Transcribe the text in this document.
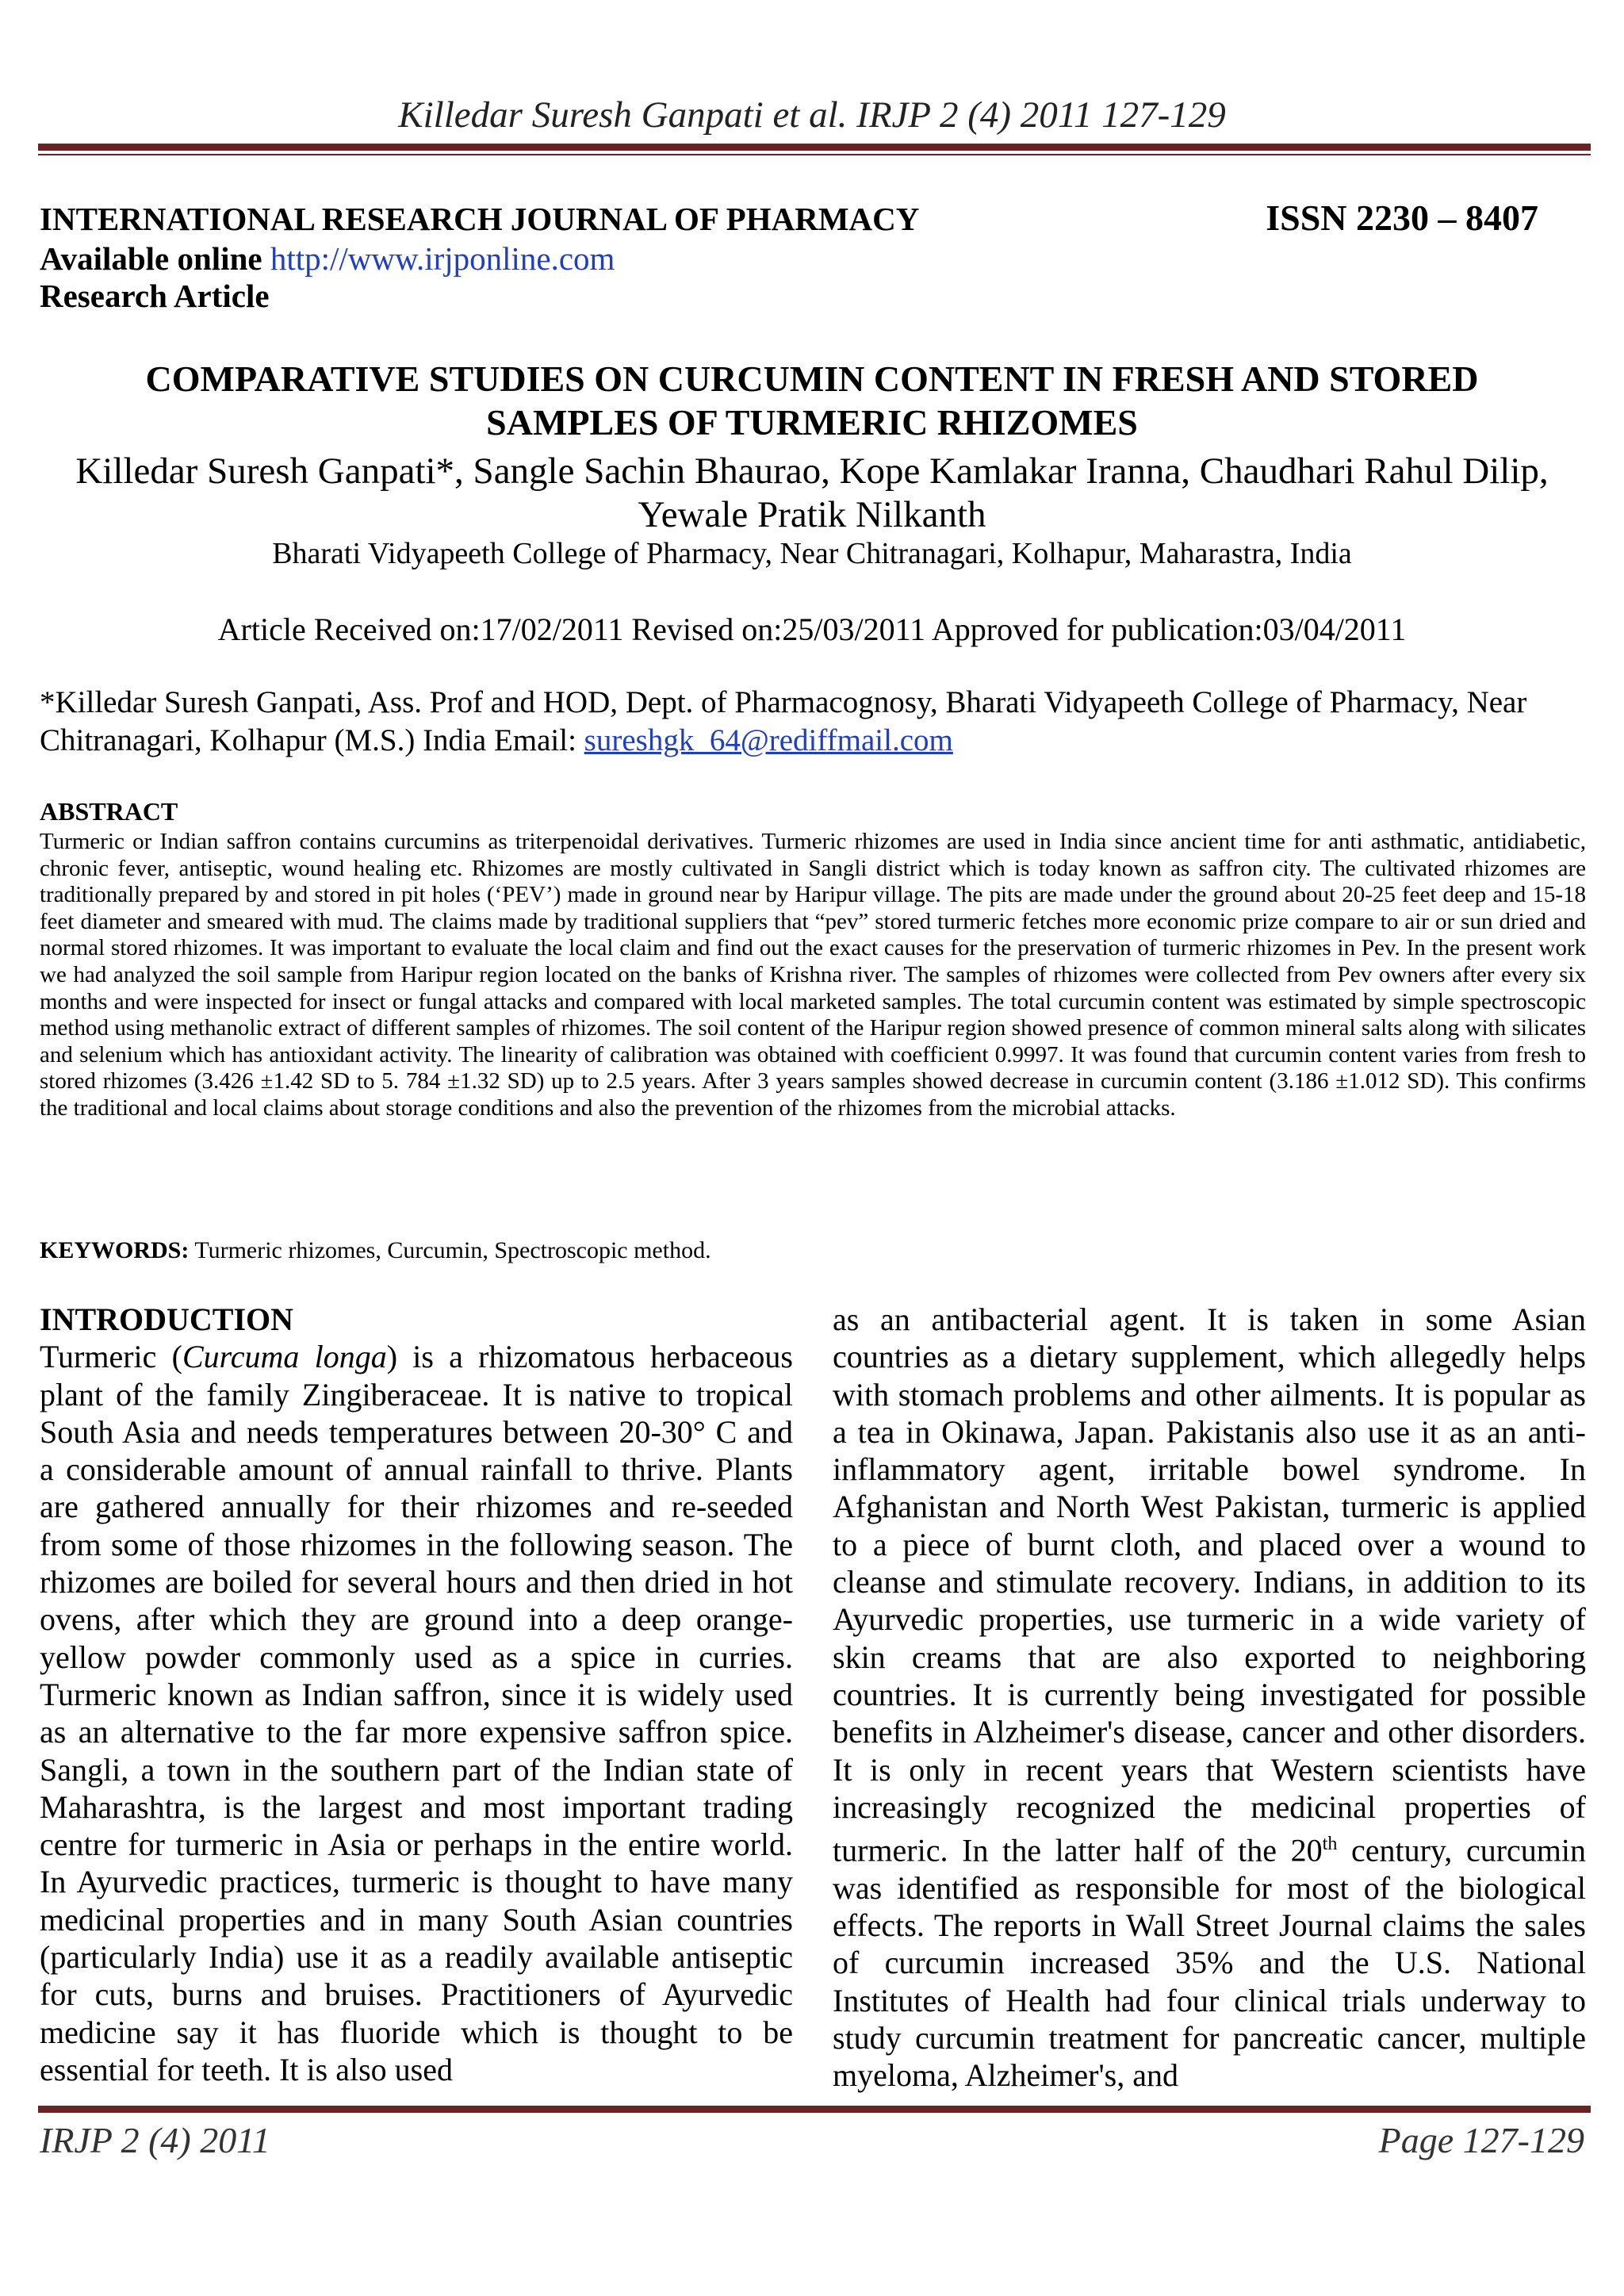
Killedar Suresh Ganpati et al. IRJP 2 (4) 2011 127-129
INTERNATIONAL RESEARCH JOURNAL OF PHARMACY	ISSN 2230 – 8407
Available online http://www.irjponline.com
Research Article
COMPARATIVE STUDIES ON CURCUMIN CONTENT IN FRESH AND STORED SAMPLES OF TURMERIC RHIZOMES
Killedar Suresh Ganpati*, Sangle Sachin Bhaurao, Kope Kamlakar Iranna, Chaudhari Rahul Dilip, Yewale Pratik Nilkanth
Bharati Vidyapeeth College of Pharmacy, Near Chitranagari, Kolhapur, Maharastra, India
Article Received on:17/02/2011 Revised on:25/03/2011 Approved for publication:03/04/2011
*Killedar Suresh Ganpati, Ass. Prof and HOD, Dept. of Pharmacognosy, Bharati Vidyapeeth College of Pharmacy, Near Chitranagari, Kolhapur (M.S.) India Email: sureshgk_64@rediffmail.com
ABSTRACT
Turmeric or Indian saffron contains curcumins as triterpenoidal derivatives. Turmeric rhizomes are used in India since ancient time for anti asthmatic, antidiabetic, chronic fever, antiseptic, wound healing etc. Rhizomes are mostly cultivated in Sangli district which is today known as saffron city. The cultivated rhizomes are traditionally prepared by and stored in pit holes (‘PEV’) made in ground near by Haripur village. The pits are made under the ground about 20-25 feet deep and 15-18 feet diameter and smeared with mud. The claims made by traditional suppliers that “pev” stored turmeric fetches more economic prize compare to air or sun dried and normal stored rhizomes. It was important to evaluate the local claim and find out the exact causes for the preservation of turmeric rhizomes in Pev. In the present work we had analyzed the soil sample from Haripur region located on the banks of Krishna river. The samples of rhizomes were collected from Pev owners after every six months and were inspected for insect or fungal attacks and compared with local marketed samples. The total curcumin content was estimated by simple spectroscopic method using methanolic extract of different samples of rhizomes. The soil content of the Haripur region showed presence of common mineral salts along with silicates and selenium which has antioxidant activity. The linearity of calibration was obtained with coefficient 0.9997. It was found that curcumin content varies from fresh to stored rhizomes (3.426 ±1.42 SD to 5. 784 ±1.32 SD) up to 2.5 years. After 3 years samples showed decrease in curcumin content (3.186 ±1.012 SD). This confirms the traditional and local claims about storage conditions and also the prevention of the rhizomes from the microbial attacks.
KEYWORDS: Turmeric rhizomes, Curcumin, Spectroscopic method.
INTRODUCTION
Turmeric (Curcuma longa) is a rhizomatous herbaceous plant of the family Zingiberaceae. It is native to tropical South Asia and needs temperatures between 20-30° C and a considerable amount of annual rainfall to thrive. Plants are gathered annually for their rhizomes and re-seeded from some of those rhizomes in the following season. The rhizomes are boiled for several hours and then dried in hot ovens, after which they are ground into a deep orange-yellow powder commonly used as a spice in curries. Turmeric known as Indian saffron, since it is widely used as an alternative to the far more expensive saffron spice. Sangli, a town in the southern part of the Indian state of Maharashtra, is the largest and most important trading centre for turmeric in Asia or perhaps in the entire world. In Ayurvedic practices, turmeric is thought to have many medicinal properties and in many South Asian countries (particularly India) use it as a readily available antiseptic for cuts, burns and bruises. Practitioners of Ayurvedic medicine say it has fluoride which is thought to be essential for teeth. It is also used
as an antibacterial agent. It is taken in some Asian countries as a dietary supplement, which allegedly helps with stomach problems and other ailments. It is popular as a tea in Okinawa, Japan. Pakistanis also use it as an anti-inflammatory agent, irritable bowel syndrome. In Afghanistan and North West Pakistan, turmeric is applied to a piece of burnt cloth, and placed over a wound to cleanse and stimulate recovery. Indians, in addition to its Ayurvedic properties, use turmeric in a wide variety of skin creams that are also exported to neighboring countries. It is currently being investigated for possible benefits in Alzheimer's disease, cancer and other disorders. It is only in recent years that Western scientists have increasingly recognized the medicinal properties of turmeric. In the latter half of the 20th century, curcumin was identified as responsible for most of the biological effects. The reports in Wall Street Journal claims the sales of curcumin increased 35% and the U.S. National Institutes of Health had four clinical trials underway to study curcumin treatment for pancreatic cancer, multiple myeloma, Alzheimer's, and
IRJP 2 (4) 2011	Page 127-129
